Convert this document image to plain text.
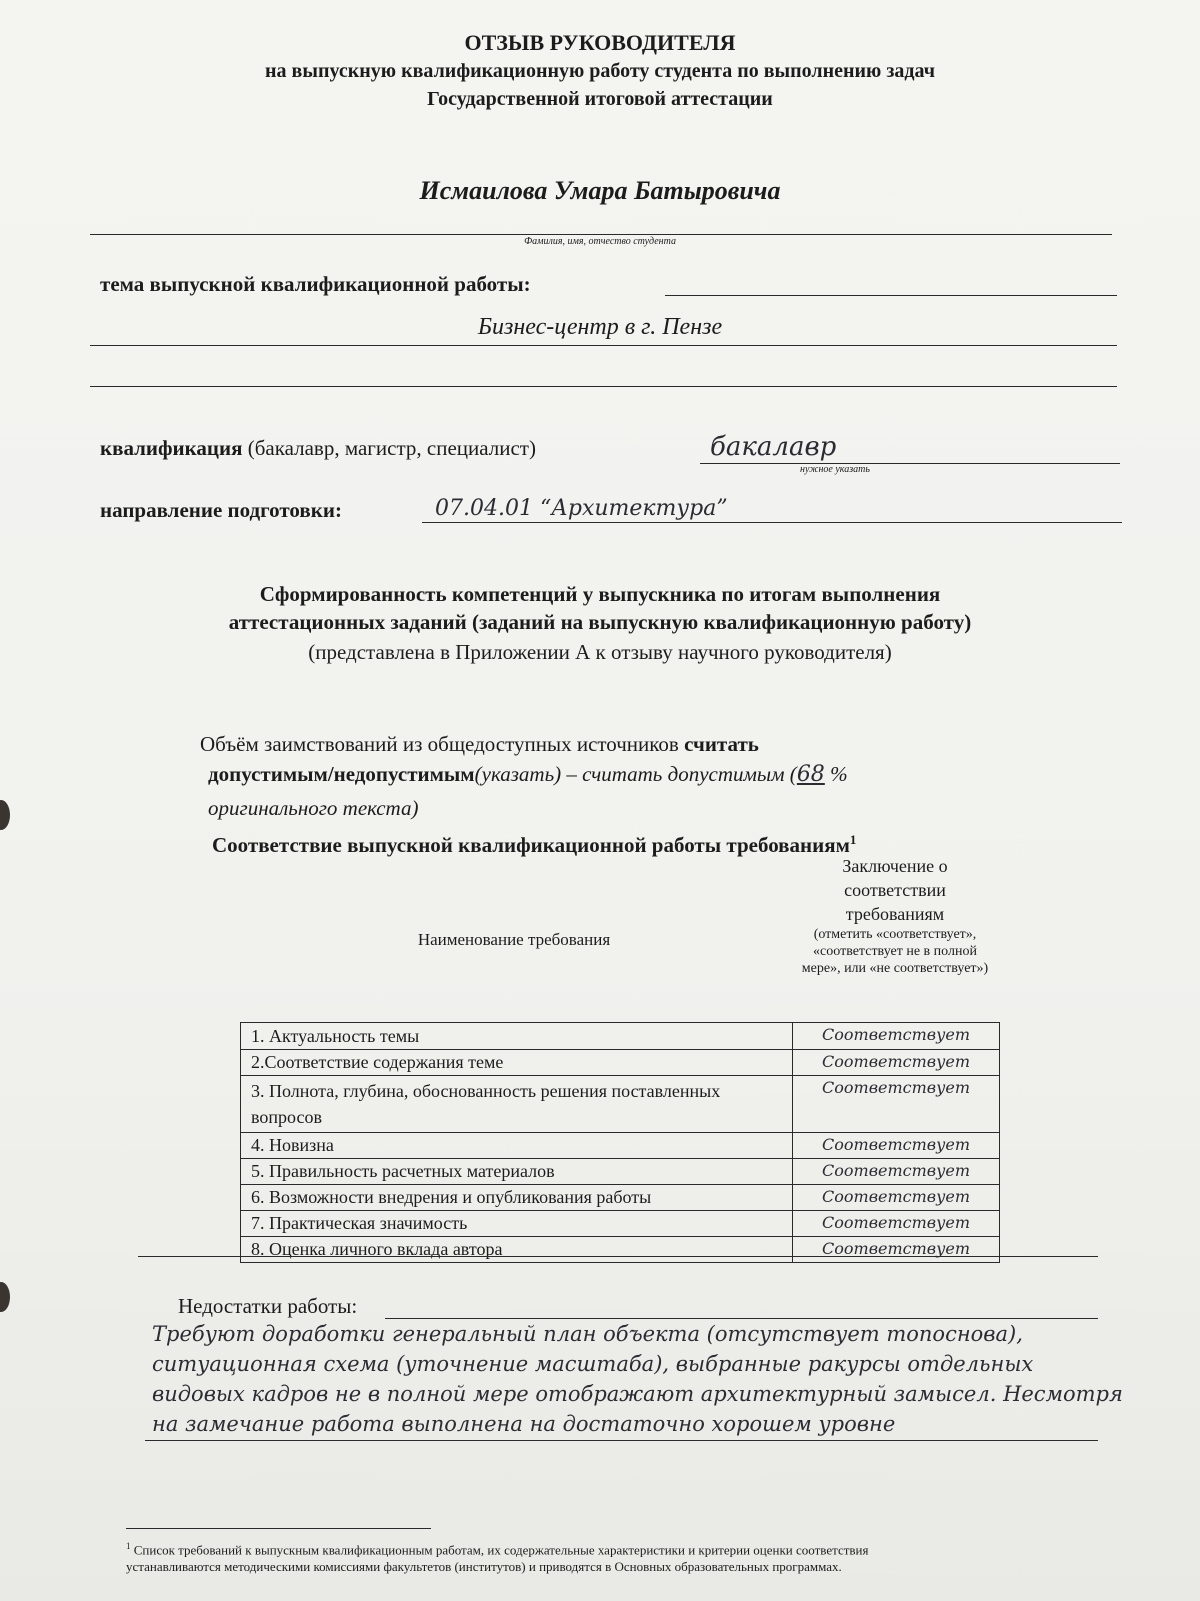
ОТЗЫВ РУКОВОДИТЕЛЯ
на выпускную квалификационную работу студента по выполнению задач
Государственной итоговой аттестации
Исмаилова Умара Батыровича
Фамилия, имя, отчество студента
тема выпускной квалификационной работы:
Бизнес-центр в г. Пензе
квалификация (бакалавр, магистр, специалист)	бакалавр
нужное указать
направление подготовки:	07.04.01 “Архитектура”
Сформированность компетенций у выпускника по итогам выполнения
аттестационных заданий (заданий на выпускную квалификационную работу)
(представлена в Приложении А к отзыву научного руководителя)
Объём заимствований из общедоступных источников считать
допустимым/недопустимым(указать) – считать допустимым (68 %
оригинального текста)
Соответствие выпускной квалификационной работы требованиям$^1$
Наименование требования
Заключение о соответствии требованиям
(отметить «соответствует», «соответствует не в полной мере», или «не соответствует»)
1. Актуальность темы	Соответствует
2.Соответствие содержания теме	Соответствует
3. Полнота, глубина, обоснованность решения поставленных вопросов	Соответствует
4. Новизна	Соответствует
5. Правильность расчетных материалов	Соответствует
6. Возможности внедрения и опубликования работы	Соответствует
7. Практическая значимость	Соответствует
8. Оценка личного вклада автора	Соответствует
Недостатки работы:
Требуют доработки генеральный план объекта (отсутствует топоснова),
ситуационная схема (уточнение масштаба), выбранные ракурсы отдельных
видовых кадров не в полной мере отображают архитектурный замысел. Несмотря
на замечание работа выполнена на достаточно хорошем уровне
$^1$ Список требований к выпускным квалификационным работам, их содержательные характеристики и критерии оценки соответствия
устанавливаются методическими комиссиями факультетов (институтов) и приводятся в Основных образовательных программах.
